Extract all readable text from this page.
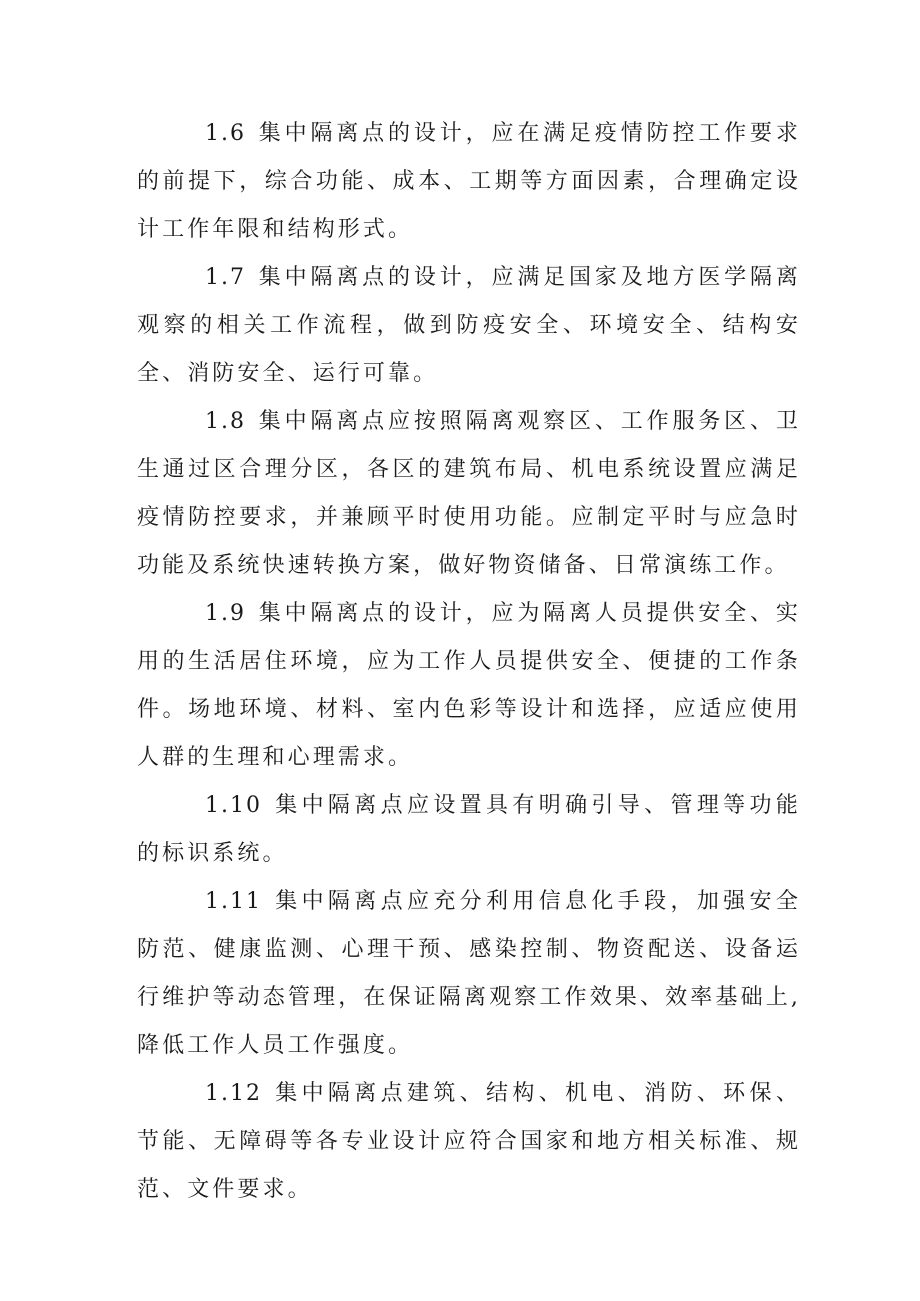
1.6 集中隔离点的设计，应在满足疫情防控工作要求的前提下，综合功能、成本、工期等方面因素，合理确定设计工作年限和结构形式。

1.7 集中隔离点的设计，应满足国家及地方医学隔离观察的相关工作流程，做到防疫安全、环境安全、结构安全、消防安全、运行可靠。

1.8 集中隔离点应按照隔离观察区、工作服务区、卫生通过区合理分区，各区的建筑布局、机电系统设置应满足疫情防控要求，并兼顾平时使用功能。应制定平时与应急时功能及系统快速转换方案，做好物资储备、日常演练工作。

1.9 集中隔离点的设计，应为隔离人员提供安全、实用的生活居住环境，应为工作人员提供安全、便捷的工作条件。场地环境、材料、室内色彩等设计和选择，应适应使用人群的生理和心理需求。

1.10 集中隔离点应设置具有明确引导、管理等功能的标识系统。

1.11 集中隔离点应充分利用信息化手段，加强安全防范、健康监测、心理干预、感染控制、物资配送、设备运行维护等动态管理，在保证隔离观察工作效果、效率基础上,降低工作人员工作强度。

1.12 集中隔离点建筑、结构、机电、消防、环保、节能、无障碍等各专业设计应符合国家和地方相关标准、规范、文件要求。
